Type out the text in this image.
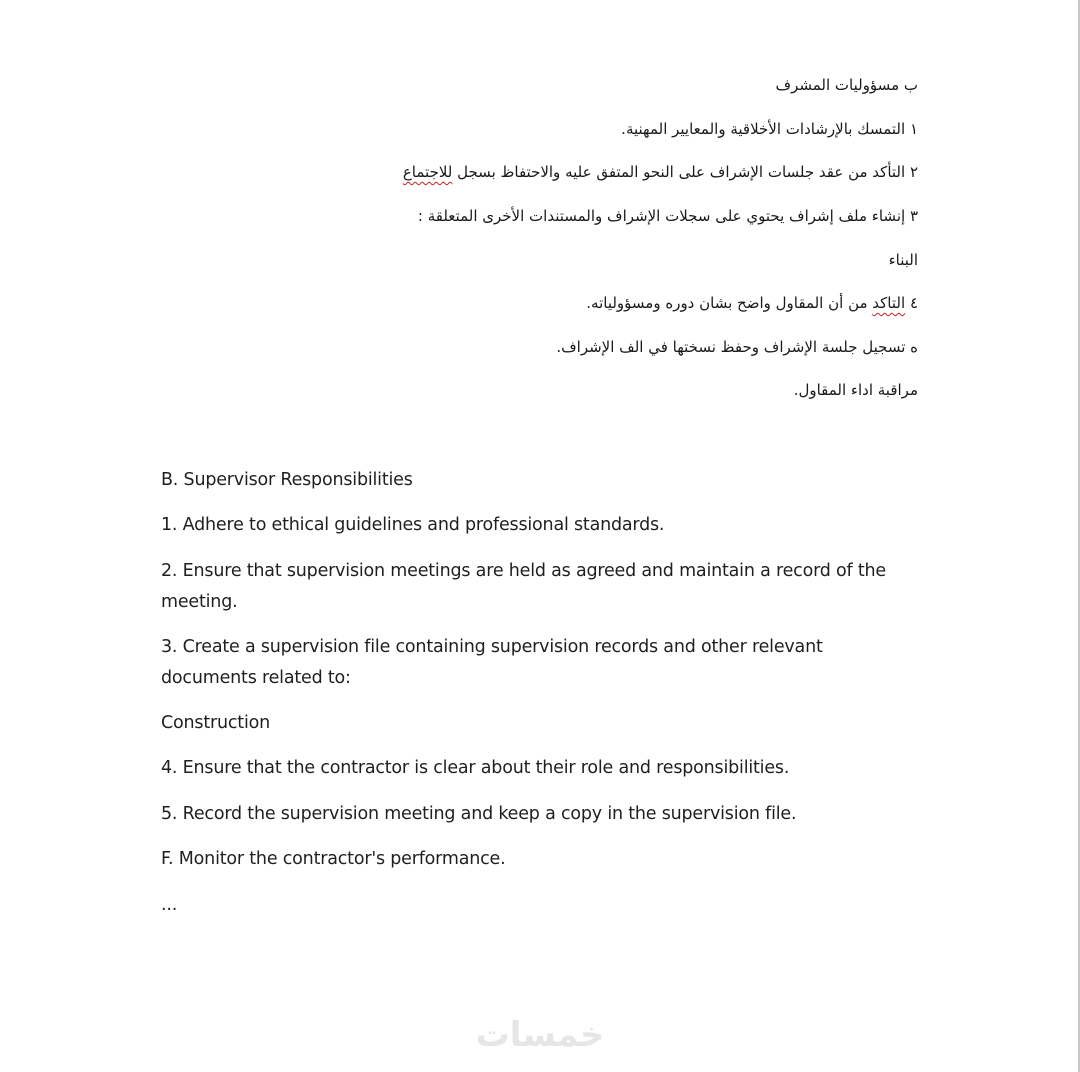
ب مسؤوليات المشرف
١ التمسك بالإرشادات الأخلاقية والمعايير المهنية.
٢ التأكد من عقد جلسات الإشراف على النحو المتفق عليه والاحتفاظ بسجل للاجتماع
٣ إنشاء ملف إشراف يحتوي على سجلات الإشراف والمستندات الأخرى المتعلقة :
البناء
٤ التاكد من أن المقاول واضح بشان دوره ومسؤولياته.
ه تسجيل جلسة الإشراف وحفظ نسختها في الف الإشراف.
مراقبة اداء المقاول.
B. Supervisor Responsibilities
1. Adhere to ethical guidelines and professional standards.
2. Ensure that supervision meetings are held as agreed and maintain a record of the meeting.
3. Create a supervision file containing supervision records and other relevant documents related to:
Construction
4. Ensure that the contractor is clear about their role and responsibilities.
5. Record the supervision meeting and keep a copy in the supervision file.
F. Monitor the contractor's performance.
...
خمسات
